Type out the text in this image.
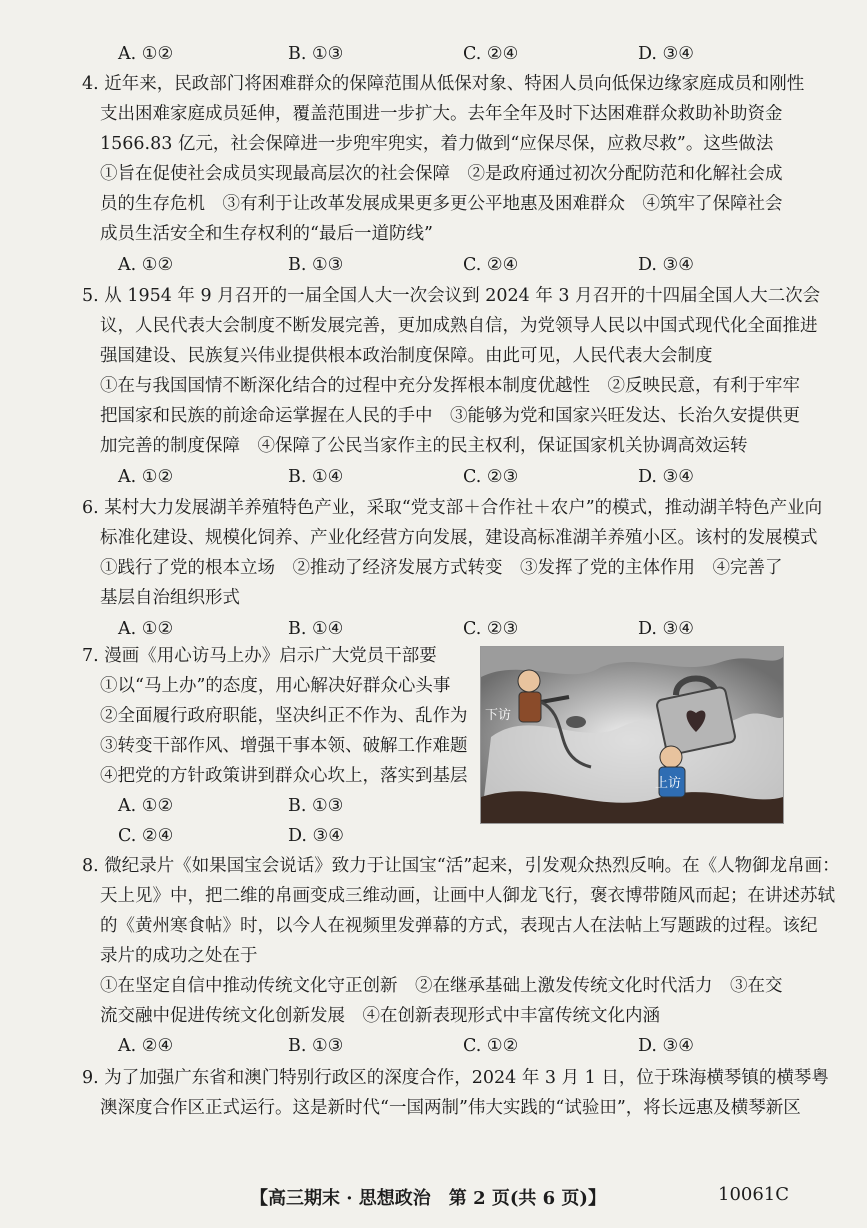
A. ①②	B. ①③	C. ②④	D. ③④
4. 近年来，民政部门将困难群众的保障范围从低保对象、特困人员向低保边缘家庭成员和刚性
支出困难家庭成员延伸，覆盖范围进一步扩大。去年全年及时下达困难群众救助补助资金
1566.83 亿元，社会保障进一步兜牢兜实，着力做到“应保尽保，应救尽救”。这些做法
①旨在促使社会成员实现最高层次的社会保障　②是政府通过初次分配防范和化解社会成
员的生存危机　③有利于让改革发展成果更多更公平地惠及困难群众　④筑牢了保障社会
成员生活安全和生存权利的“最后一道防线”
A. ①②	B. ①③	C. ②④	D. ③④
5. 从 1954 年 9 月召开的一届全国人大一次会议到 2024 年 3 月召开的十四届全国人大二次会
议，人民代表大会制度不断发展完善，更加成熟自信，为党领导人民以中国式现代化全面推进
强国建设、民族复兴伟业提供根本政治制度保障。由此可见，人民代表大会制度
①在与我国国情不断深化结合的过程中充分发挥根本制度优越性　②反映民意，有利于牢牢
把国家和民族的前途命运掌握在人民的手中　③能够为党和国家兴旺发达、长治久安提供更
加完善的制度保障　④保障了公民当家作主的民主权利，保证国家机关协调高效运转
A. ①②	B. ①④	C. ②③	D. ③④
6. 某村大力发展湖羊养殖特色产业，采取“党支部＋合作社＋农户”的模式，推动湖羊特色产业向
标准化建设、规模化饲养、产业化经营方向发展，建设高标准湖羊养殖小区。该村的发展模式
①践行了党的根本立场　②推动了经济发展方式转变　③发挥了党的主体作用　④完善了
基层自治组织形式
A. ①②	B. ①④	C. ②③	D. ③④
7. 漫画《用心访马上办》启示广大党员干部要
①以“马上办”的态度，用心解决好群众心头事
②全面履行政府职能，坚决纠正不作为、乱作为
③转变干部作风、增强干事本领、破解工作难题
④把党的方针政策讲到群众心坎上，落实到基层
A. ①②	B. ①③
C. ②④	D. ③④
下访
上访
8. 微纪录片《如果国宝会说话》致力于让国宝“活”起来，引发观众热烈反响。在《人物御龙帛画：
天上见》中，把二维的帛画变成三维动画，让画中人御龙飞行，褒衣博带随风而起；在讲述苏轼
的《黄州寒食帖》时，以今人在视频里发弹幕的方式，表现古人在法帖上写题跋的过程。该纪
录片的成功之处在于
①在坚定自信中推动传统文化守正创新　②在继承基础上激发传统文化时代活力　③在交
流交融中促进传统文化创新发展　④在创新表现形式中丰富传统文化内涵
A. ②④	B. ①③	C. ①②	D. ③④
9. 为了加强广东省和澳门特别行政区的深度合作，2024 年 3 月 1 日，位于珠海横琴镇的横琴粤
澳深度合作区正式运行。这是新时代“一国两制”伟大实践的“试验田”，将长远惠及横琴新区
【高三期末 · 思想政治　第 2 页(共 6 页)】	10061C
